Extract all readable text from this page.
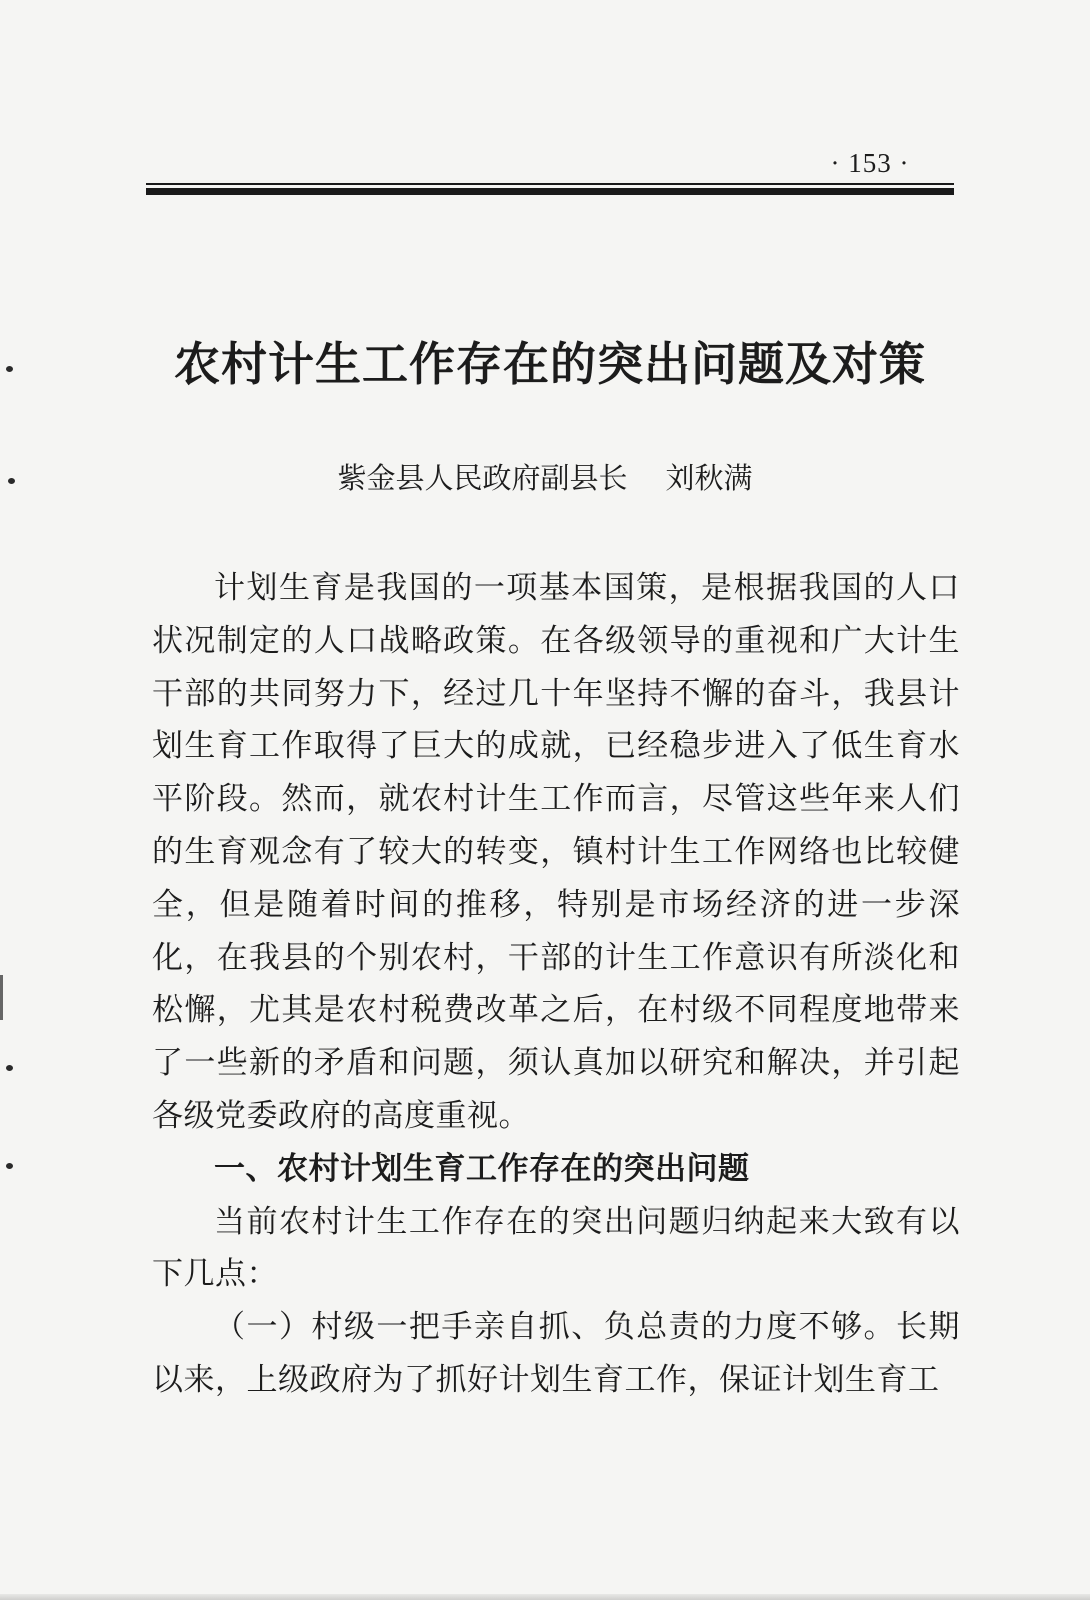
· 153 ·
农村计生工作存在的突出问题及对策
紫金县人民政府副县长 刘秋满

计划生育是我国的一项基本国策，是根据我国的人口状况制定的人口战略政策。在各级领导的重视和广大计生干部的共同努力下，经过几十年坚持不懈的奋斗，我县计划生育工作取得了巨大的成就，已经稳步进入了低生育水平阶段。然而，就农村计生工作而言，尽管这些年来人们的生育观念有了较大的转变，镇村计生工作网络也比较健全，但是随着时间的推移，特别是市场经济的进一步深化，在我县的个别农村，干部的计生工作意识有所淡化和松懈，尤其是农村税费改革之后，在村级不同程度地带来了一些新的矛盾和问题，须认真加以研究和解决，并引起各级党委政府的高度重视。

一、农村计划生育工作存在的突出问题

当前农村计生工作存在的突出问题归纳起来大致有以下几点：

（一）村级一把手亲自抓、负总责的力度不够。长期以来，上级政府为了抓好计划生育工作，保证计划生育工
